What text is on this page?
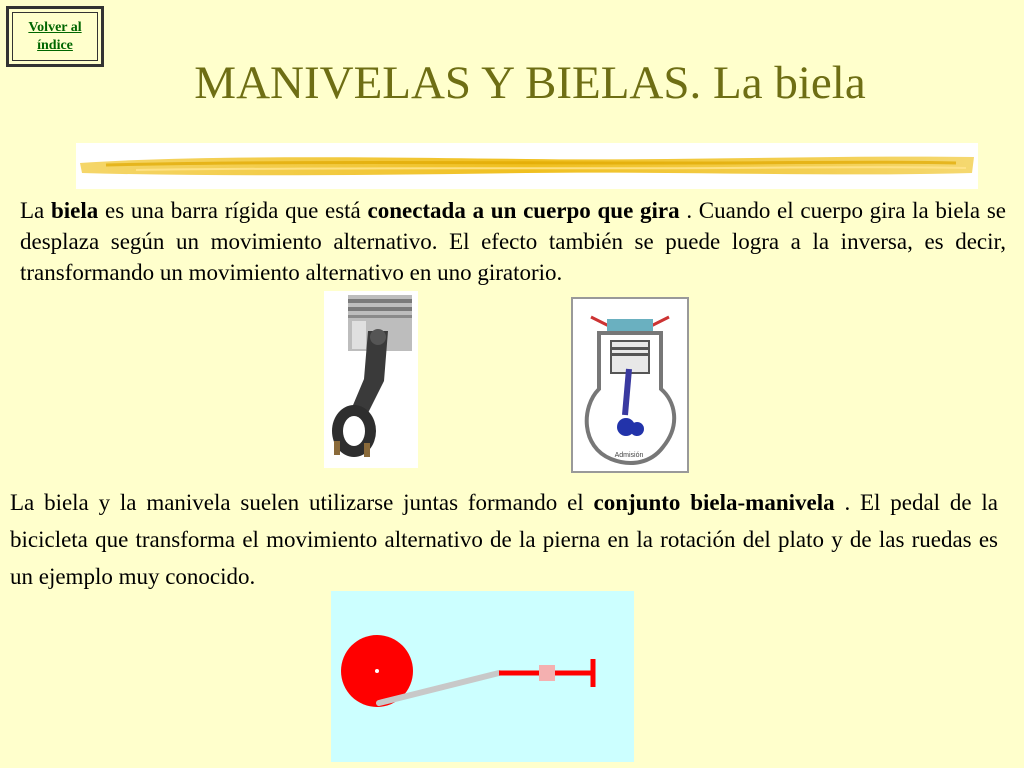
Volver al índice
MANIVELAS Y BIELAS. La biela

La biela es una barra rígida que está conectada a un cuerpo que gira . Cuando el cuerpo gira la biela se desplaza según un movimiento alternativo. El efecto también se puede logra a la inversa, es decir, transformando un movimiento alternativo en uno giratorio.

Admisión

La biela y la manivela suelen utilizarse juntas formando el conjunto biela-manivela . El pedal de la bicicleta que transforma el movimiento alternativo de la pierna en la rotación del plato y de las ruedas es un ejemplo muy conocido.
